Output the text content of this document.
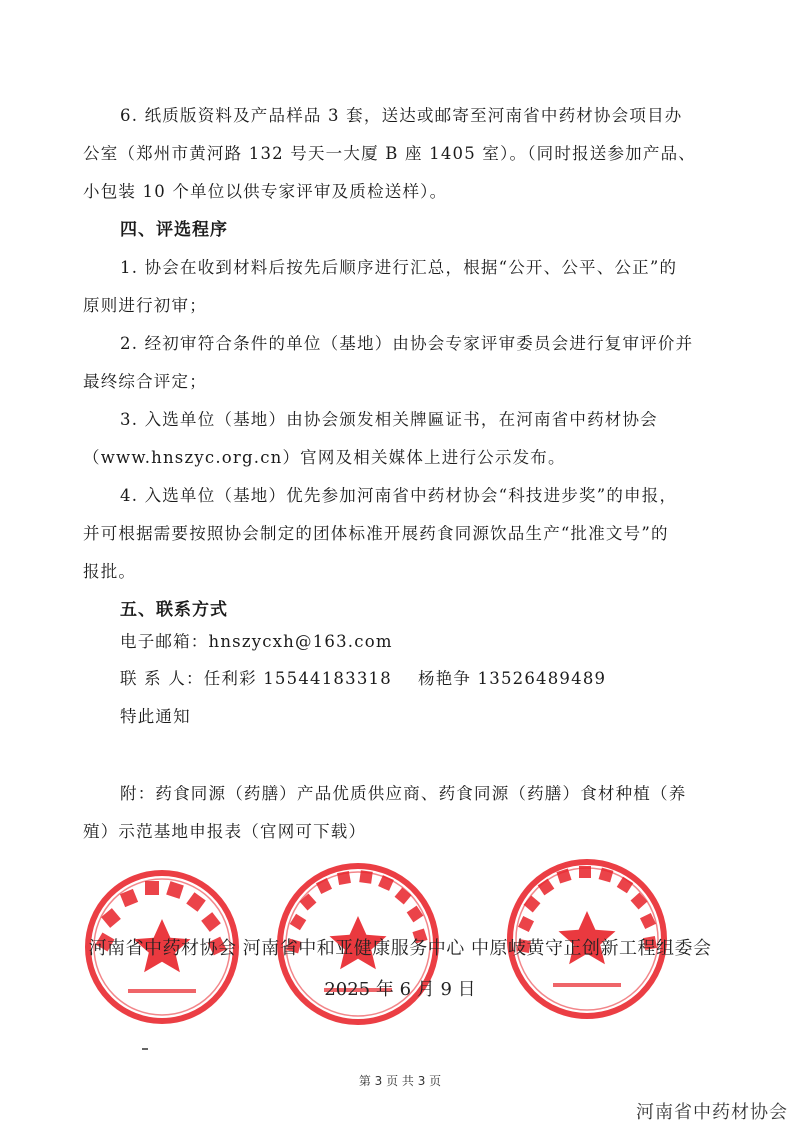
6. 纸质版资料及产品样品 3 套，送达或邮寄至河南省中药材协会项目办
公室（郑州市黄河路 132 号天一大厦 B 座 1405 室）。（同时报送参加产品、
小包装 10 个单位以供专家评审及质检送样）。
四、评选程序
1. 协会在收到材料后按先后顺序进行汇总，根据“公开、公平、公正”的
原则进行初审；
2. 经初审符合条件的单位（基地）由协会专家评审委员会进行复审评价并
最终综合评定；
3. 入选单位（基地）由协会颁发相关牌匾证书，在河南省中药材协会
（www.hnszyc.org.cn）官网及相关媒体上进行公示发布。
4. 入选单位（基地）优先参加河南省中药材协会“科技进步奖”的申报，
并可根据需要按照协会制定的团体标准开展药食同源饮品生产“批准文号”的
报批。
五、联系方式
电子邮箱：hnszycxh@163.com
联 系 人：任利彩 15544183318 杨艳争 13526489489
特此通知
附：药食同源（药膳）产品优质供应商、药食同源（药膳）食材种植（养
殖）示范基地申报表（官网可下载）
河南省中药材协会 河南省中和亚健康服务中心 中原岐黄守正创新工程组委会
2025 年 6 月 9 日
第 3 页 共 3 页
河南省中药材协会
